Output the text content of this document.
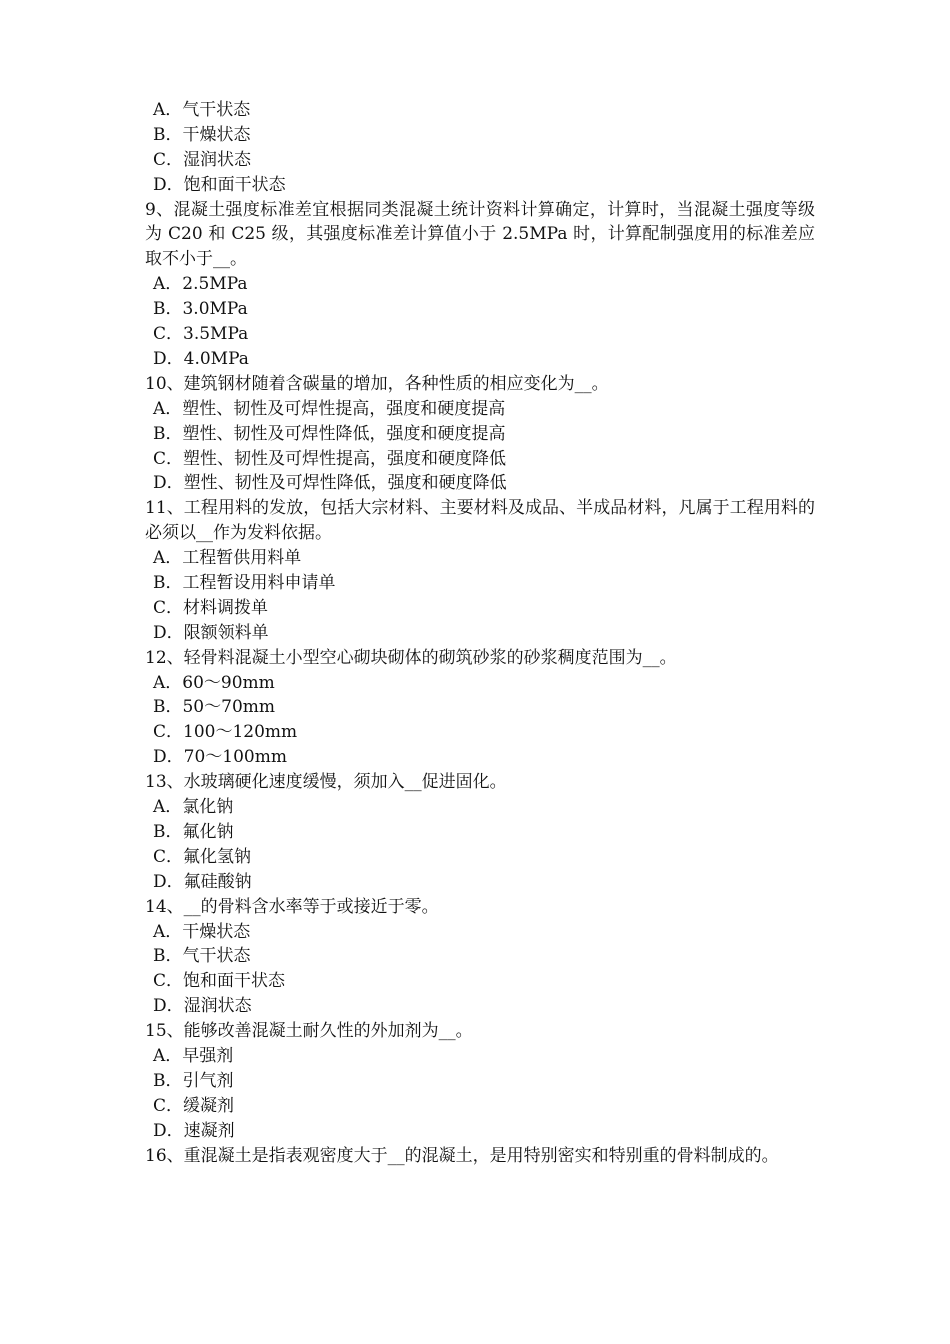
A．气干状态
B．干燥状态
C．湿润状态
D．饱和面干状态
9、混凝土强度标准差宜根据同类混凝土统计资料计算确定，计算时，当混凝土强度等级为 C20 和 C25 级，其强度标准差计算值小于 2.5MPa 时，计算配制强度用的标准差应取不小于__。
A．2.5MPa
B．3.0MPa
C．3.5MPa
D．4.0MPa
10、建筑钢材随着含碳量的增加，各种性质的相应变化为__。
A．塑性、韧性及可焊性提高，强度和硬度提高
B．塑性、韧性及可焊性降低，强度和硬度提高
C．塑性、韧性及可焊性提高，强度和硬度降低
D．塑性、韧性及可焊性降低，强度和硬度降低
11、工程用料的发放，包括大宗材料、主要材料及成品、半成品材料，凡属于工程用料的必须以__作为发料依据。
A．工程暂供用料单
B．工程暂设用料申请单
C．材料调拨单
D．限额领料单
12、轻骨料混凝土小型空心砌块砌体的砌筑砂浆的砂浆稠度范围为__。
A．60～90mm
B．50～70mm
C．100～120mm
D．70～100mm
13、水玻璃硬化速度缓慢，须加入__促进固化。
A．氯化钠
B．氟化钠
C．氟化氢钠
D．氟硅酸钠
14、__的骨料含水率等于或接近于零。
A．干燥状态
B．气干状态
C．饱和面干状态
D．湿润状态
15、能够改善混凝土耐久性的外加剂为__。
A．早强剂
B．引气剂
C．缓凝剂
D．速凝剂
16、重混凝土是指表观密度大于__的混凝土，是用特别密实和特别重的骨料制成的。
